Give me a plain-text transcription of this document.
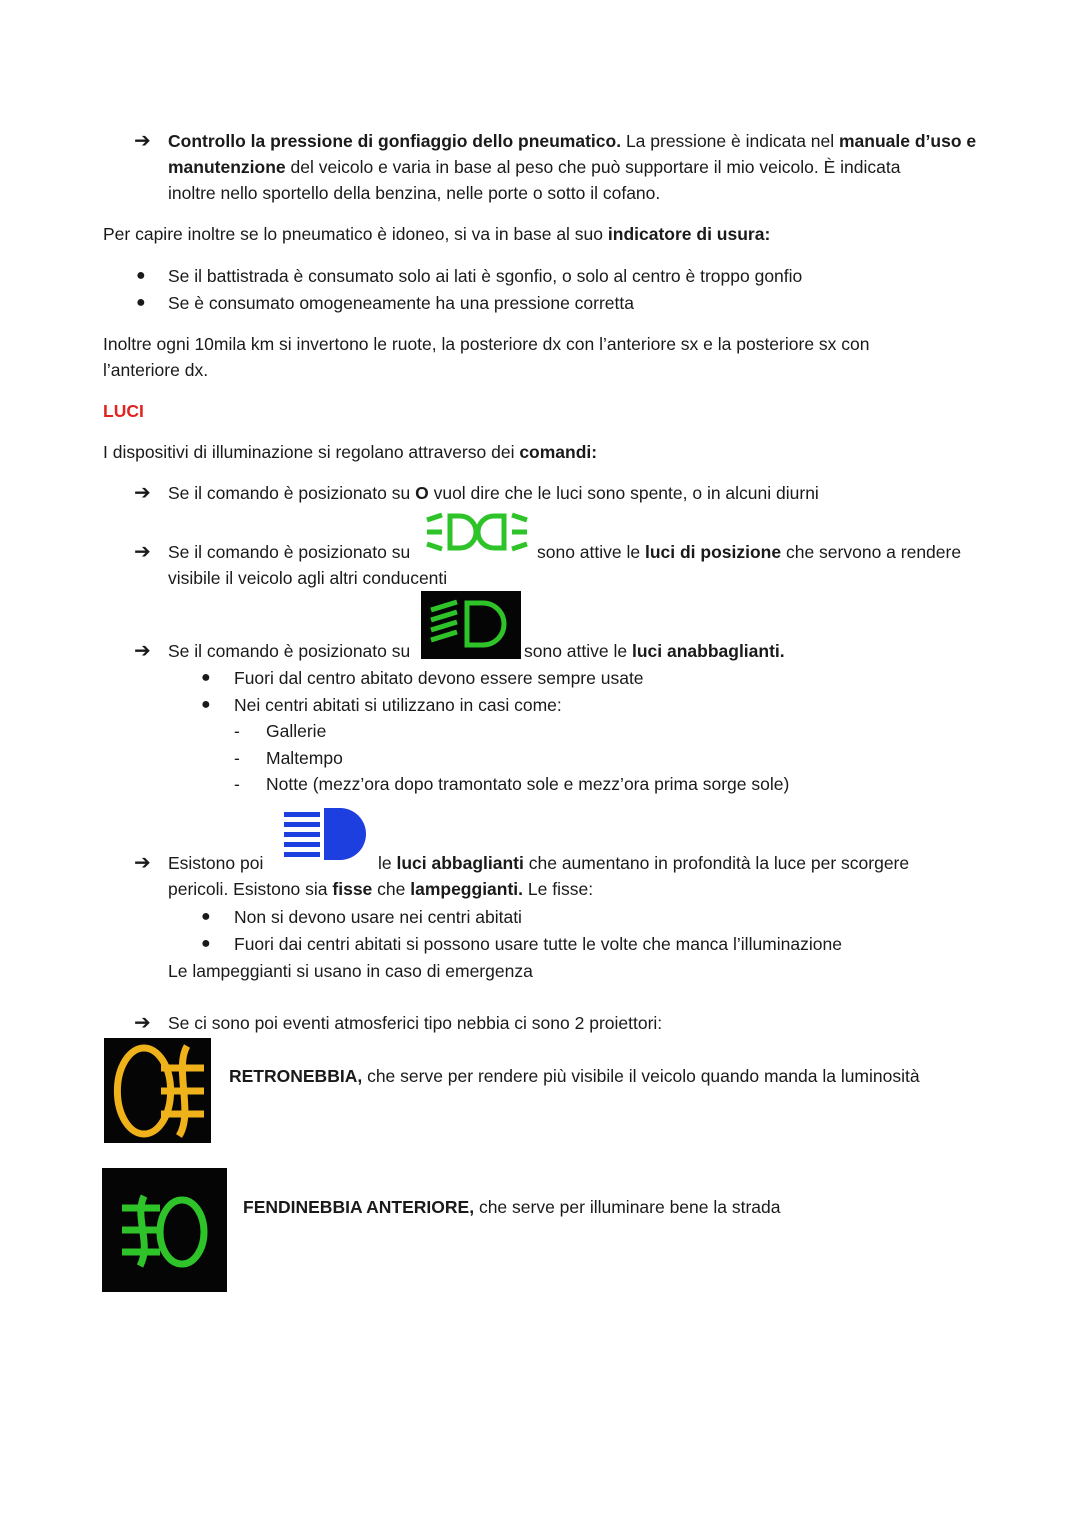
➔ Controllo la pressione di gonfiaggio dello pneumatico. La pressione è indicata nel manuale d’uso e
manutenzione del veicolo e varia in base al peso che può supportare il mio veicolo. È indicata
inoltre nello sportello della benzina, nelle porte o sotto il cofano.
Per capire inoltre se lo pneumatico è idoneo, si va in base al suo indicatore di usura:
● Se il battistrada è consumato solo ai lati è sgonfio, o solo al centro è troppo gonfio
● Se è consumato omogeneamente ha una pressione corretta
Inoltre ogni 10mila km si invertono le ruote, la posteriore dx con l’anteriore sx e la posteriore sx con
l’anteriore dx.
LUCI
I dispositivi di illuminazione si regolano attraverso dei comandi:
➔ Se il comando è posizionato su O vuol dire che le luci sono spente, o in alcuni diurni
➔ Se il comando è posizionato su	sono attive le luci di posizione che servono a rendere
visibile il veicolo agli altri conducenti
➔ Se il comando è posizionato su	sono attive le luci anabbaglianti.
● Fuori dal centro abitato devono essere sempre usate
● Nei centri abitati si utilizzano in casi come:
- Gallerie
- Maltempo
- Notte (mezz’ora dopo tramontato sole e mezz’ora prima sorge sole)
➔ Esistono poi	le luci abbaglianti che aumentano in profondità la luce per scorgere
pericoli. Esistono sia fisse che lampeggianti. Le fisse:
● Non si devono usare nei centri abitati
● Fuori dai centri abitati si possono usare tutte le volte che manca l’illuminazione
Le lampeggianti si usano in caso di emergenza
➔ Se ci sono poi eventi atmosferici tipo nebbia ci sono 2 proiettori:
RETRONEBBIA, che serve per rendere più visibile il veicolo quando manda la luminosità
FENDINEBBIA ANTERIORE, che serve per illuminare bene la strada
